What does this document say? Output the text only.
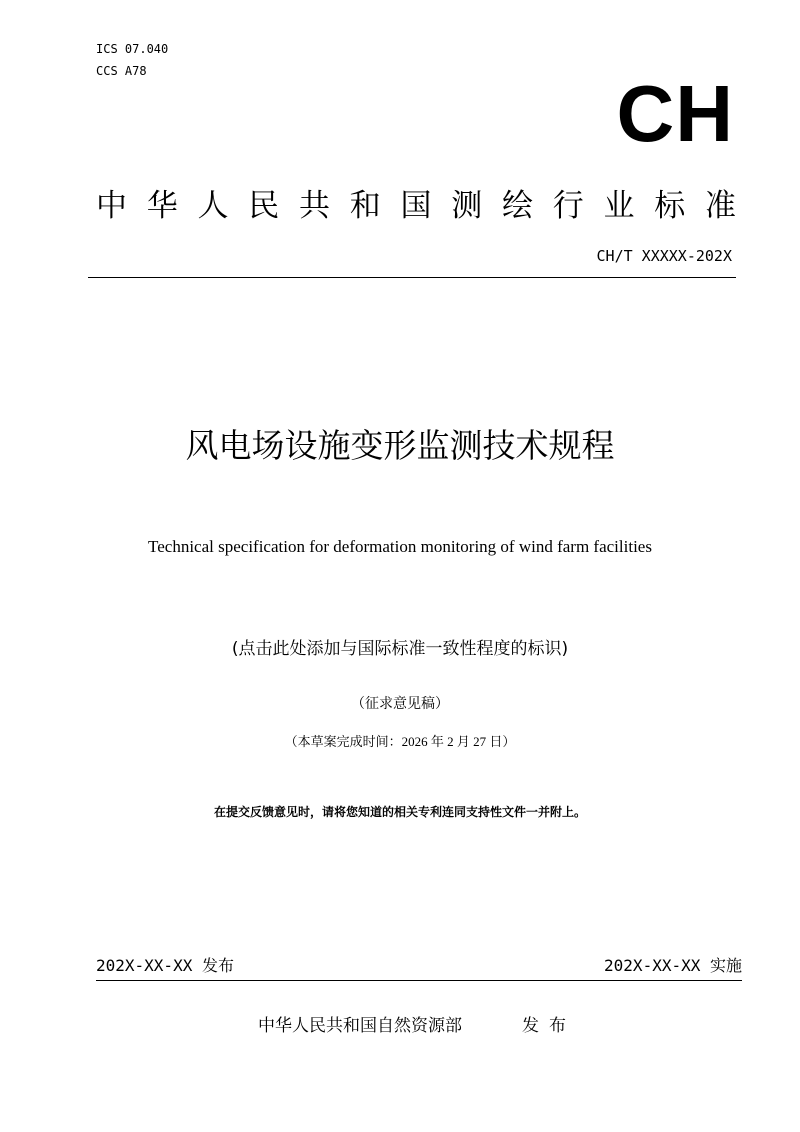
ICS 07.040
CCS A78	CH
中华人民共和国测绘行业标准
CH/T XXXXX-202X
风电场设施变形监测技术规程
Technical specification for deformation monitoring of wind farm facilities
(点击此处添加与国际标准一致性程度的标识)
（征求意见稿）
（本草案完成时间：2026 年 2 月 27 日）
在提交反馈意见时，请将您知道的相关专利连同支持性文件一并附上。
202X-XX-XX 发布	202X-XX-XX 实施
中华人民共和国自然资源部	发布
